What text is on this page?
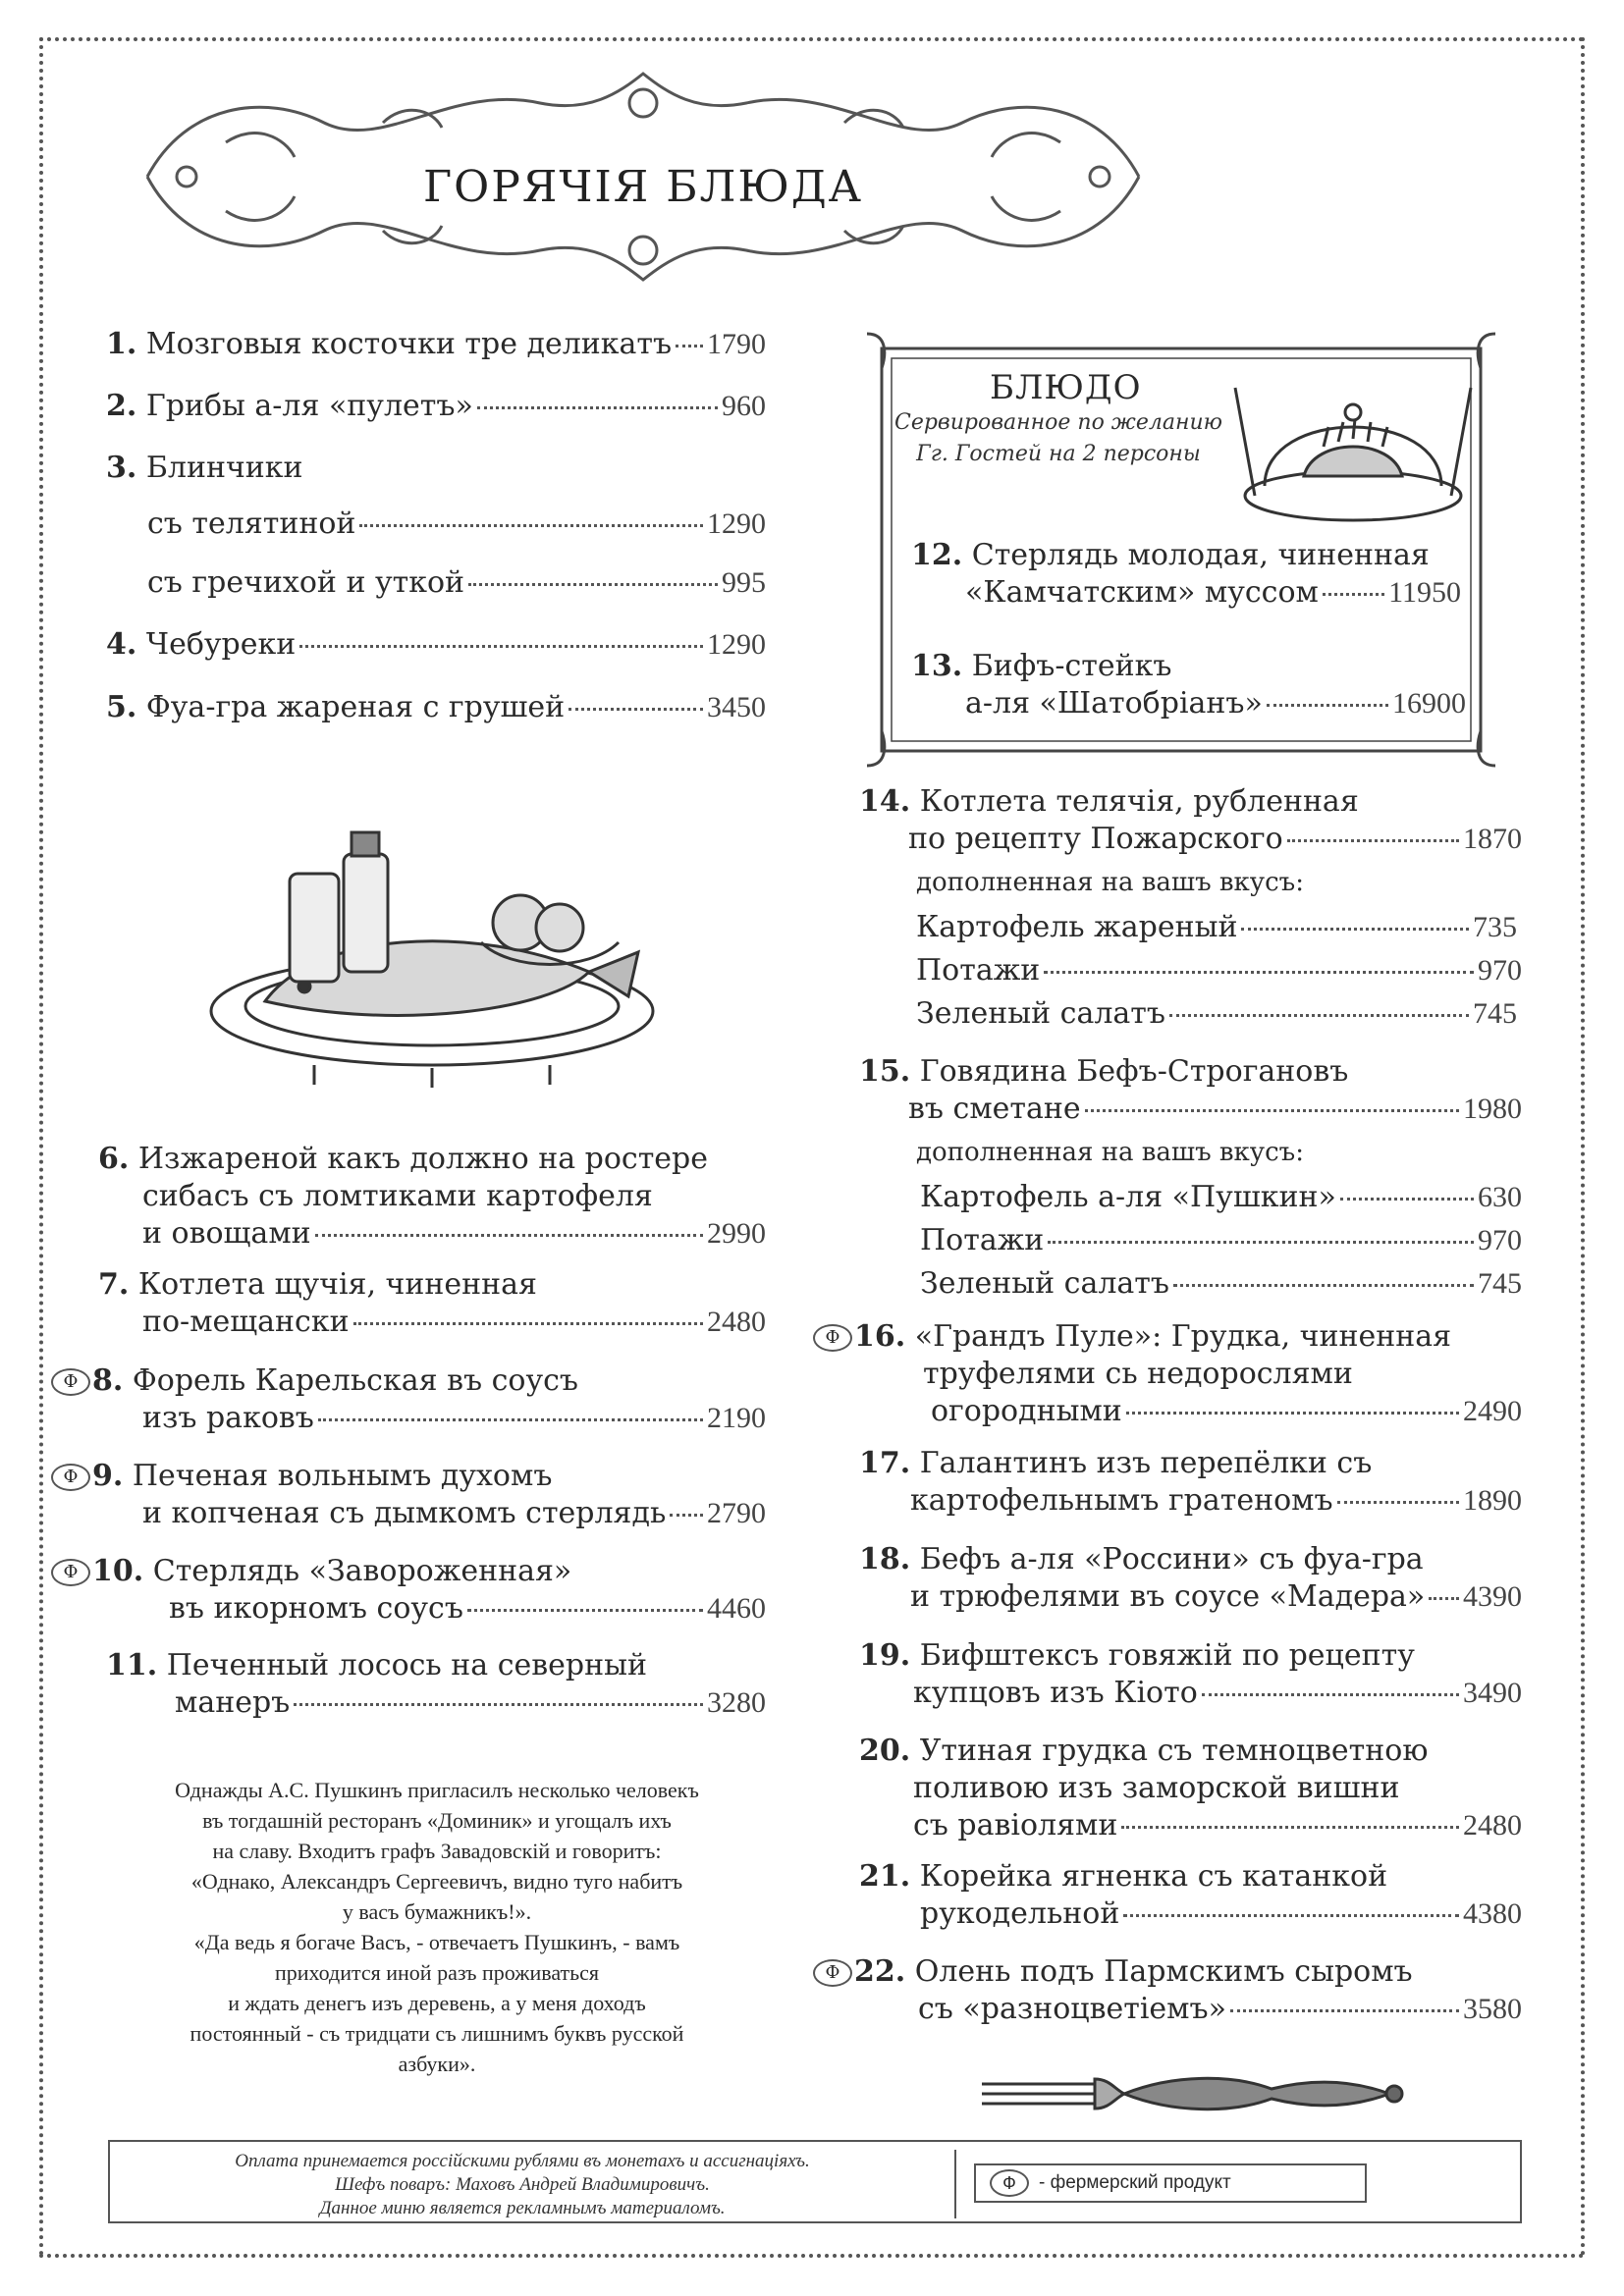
ГОРЯЧІЯ БЛЮДА
1. Мозговыя косточки тре деликатъ 1790
2. Грибы а-ля «пулетъ»	960
3. Блинчики
съ телятиной	1290
съ гречихой и уткой	995
4. Чебуреки	1290
5. Фуа-гра жареная с грушей	3450
6. Изжареной какъ должно на ростере
сибасъ съ ломтиками картофеля
и овощами	2990
7. Котлета щучія, чиненная
по-мещански	2480
Ф 8. Форель Карельская въ соусъ
изъ раковъ	2190
Ф 9. Печеная вольнымъ духомъ
и копченая съ дымкомъ стерлядь 2790
Ф 10. Стерлядь «Завороженная»
въ икорномъ соусъ	4460
11. Печенный лосось на северный
манеръ	3280
БЛЮДО
Сервированное по желанию
Гг. Гостей на 2 персоны
12. Стерлядь молодая, чиненная
«Камчатским» муссом 11950
13. Бифъ-стейкъ
а-ля «Шатобріанъ»	16900
14. Котлета телячія, рубленная
по рецепту Пожарского	1870
дополненная на вашъ вкусъ:
Картофель жареный	735
Потажи	970
Зеленый салатъ	745
15. Говядина Бефъ-Строгановъ
въ сметане	1980
дополненная на вашъ вкусъ:
Картофель а-ля «Пушкин»	630
Потажи	970
Зеленый салатъ	745
Ф 16. «Грандъ Пуле»: Грудка, чиненная
труфелями сь недорослями
огородными	2490
17. Галантинъ изъ перепёлки съ
картофельнымъ гратеномъ	1890
18. Бефъ а-ля «Россини» съ фуа-гра
и трюфелями въ соусе «Мадера» 4390
19. Бифштексъ говяжій по рецепту
купцовъ изъ Кіото	3490
20. Утиная грудка съ темноцветною
поливою изъ заморской вишни
съ равіолями	2480
21. Корейка ягненка съ катанкой
рукодельной	4380
Ф 22. Олень подъ Пармскимъ сыромъ
съ «разноцветіемъ»	3580
Однажды А.С. Пушкинъ пригласилъ несколько человекъ
въ тогдашній ресторанъ «Доминик» и угощалъ ихъ
на славу. Входитъ графъ Завадовскій и говоритъ:
«Однако, Александръ Сергеевичъ, видно туго набитъ
у васъ бумажникъ!».
«Да ведь я богаче Васъ, - отвечаетъ Пушкинъ, - вамъ
приходится иной разъ проживаться
и ждать денегъ изъ деревень, а у меня доходъ
постоянный - съ тридцати съ лишнимъ буквъ русской
азбуки».
Оплата принемается россійскими рублями въ монетахъ и ассигнаціяхъ.
Шефъ поваръ: Маховъ Андрей Владимировичъ.
Данное миню является рекламнымъ материаломъ.
Ф	- фермерский продукт
